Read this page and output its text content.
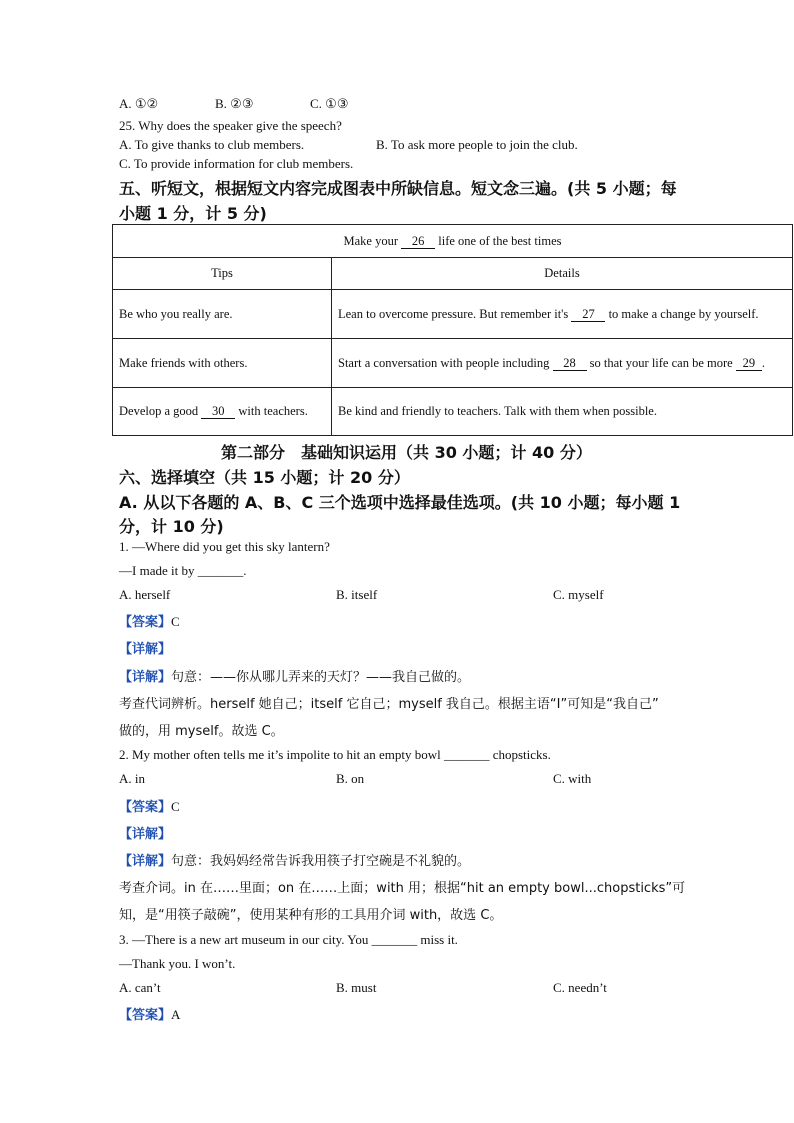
A. ①②	B. ②③	C. ①③
25. Why does the speaker give the speech?
A. To give thanks to club members.	B. To ask more people to join the club.
C. To provide information for club members.
五、听短文，根据短文内容完成图表中所缺信息。短文念三遍。(共 5 小题；每
小题 1 分，计 5 分)
Make your 26 life one of the best times	
Tips	Details
Be who you really are.	Lean to overcome pressure. But remember it's 27 to make a change by yourself.
Make friends with others.	Start a conversation with people including 28 so that your life can be more 29 .
Develop a good 30 with teachers.	Be kind and friendly to teachers. Talk with them when possible.
第二部分　基础知识运用（共 30 小题；计 40 分）
六、选择填空（共 15 小题；计 20 分）
A. 从以下各题的 A、B、C 三个选项中选择最佳选项。(共 10 小题；每小题 1
分，计 10 分)
1. —Where did you get this sky lantern?
—I made it by _______.
A. herself	B. itself	C. myself
【答案】C
【详解】
【详解】句意：——你从哪儿弄来的天灯？——我自己做的。
考查代词辨析。herself 她自己；itself 它自己；myself 我自己。根据主语“I”可知是“我自己”
做的，用 myself。故选 C。
2. My mother often tells me it’s impolite to hit an empty bowl _______ chopsticks.
A. in	B. on	C. with
【答案】C
【详解】
【详解】句意：我妈妈经常告诉我用筷子打空碗是不礼貌的。
考查介词。in 在……里面；on 在……上面；with 用；根据“hit an empty bowl...chopsticks”可
知，是“用筷子敲碗”，使用某种有形的工具用介词 with，故选 C。
3. —There is a new art museum in our city. You _______ miss it.
—Thank you. I won’t.
A. can’t	B. must	C. needn’t
【答案】A
